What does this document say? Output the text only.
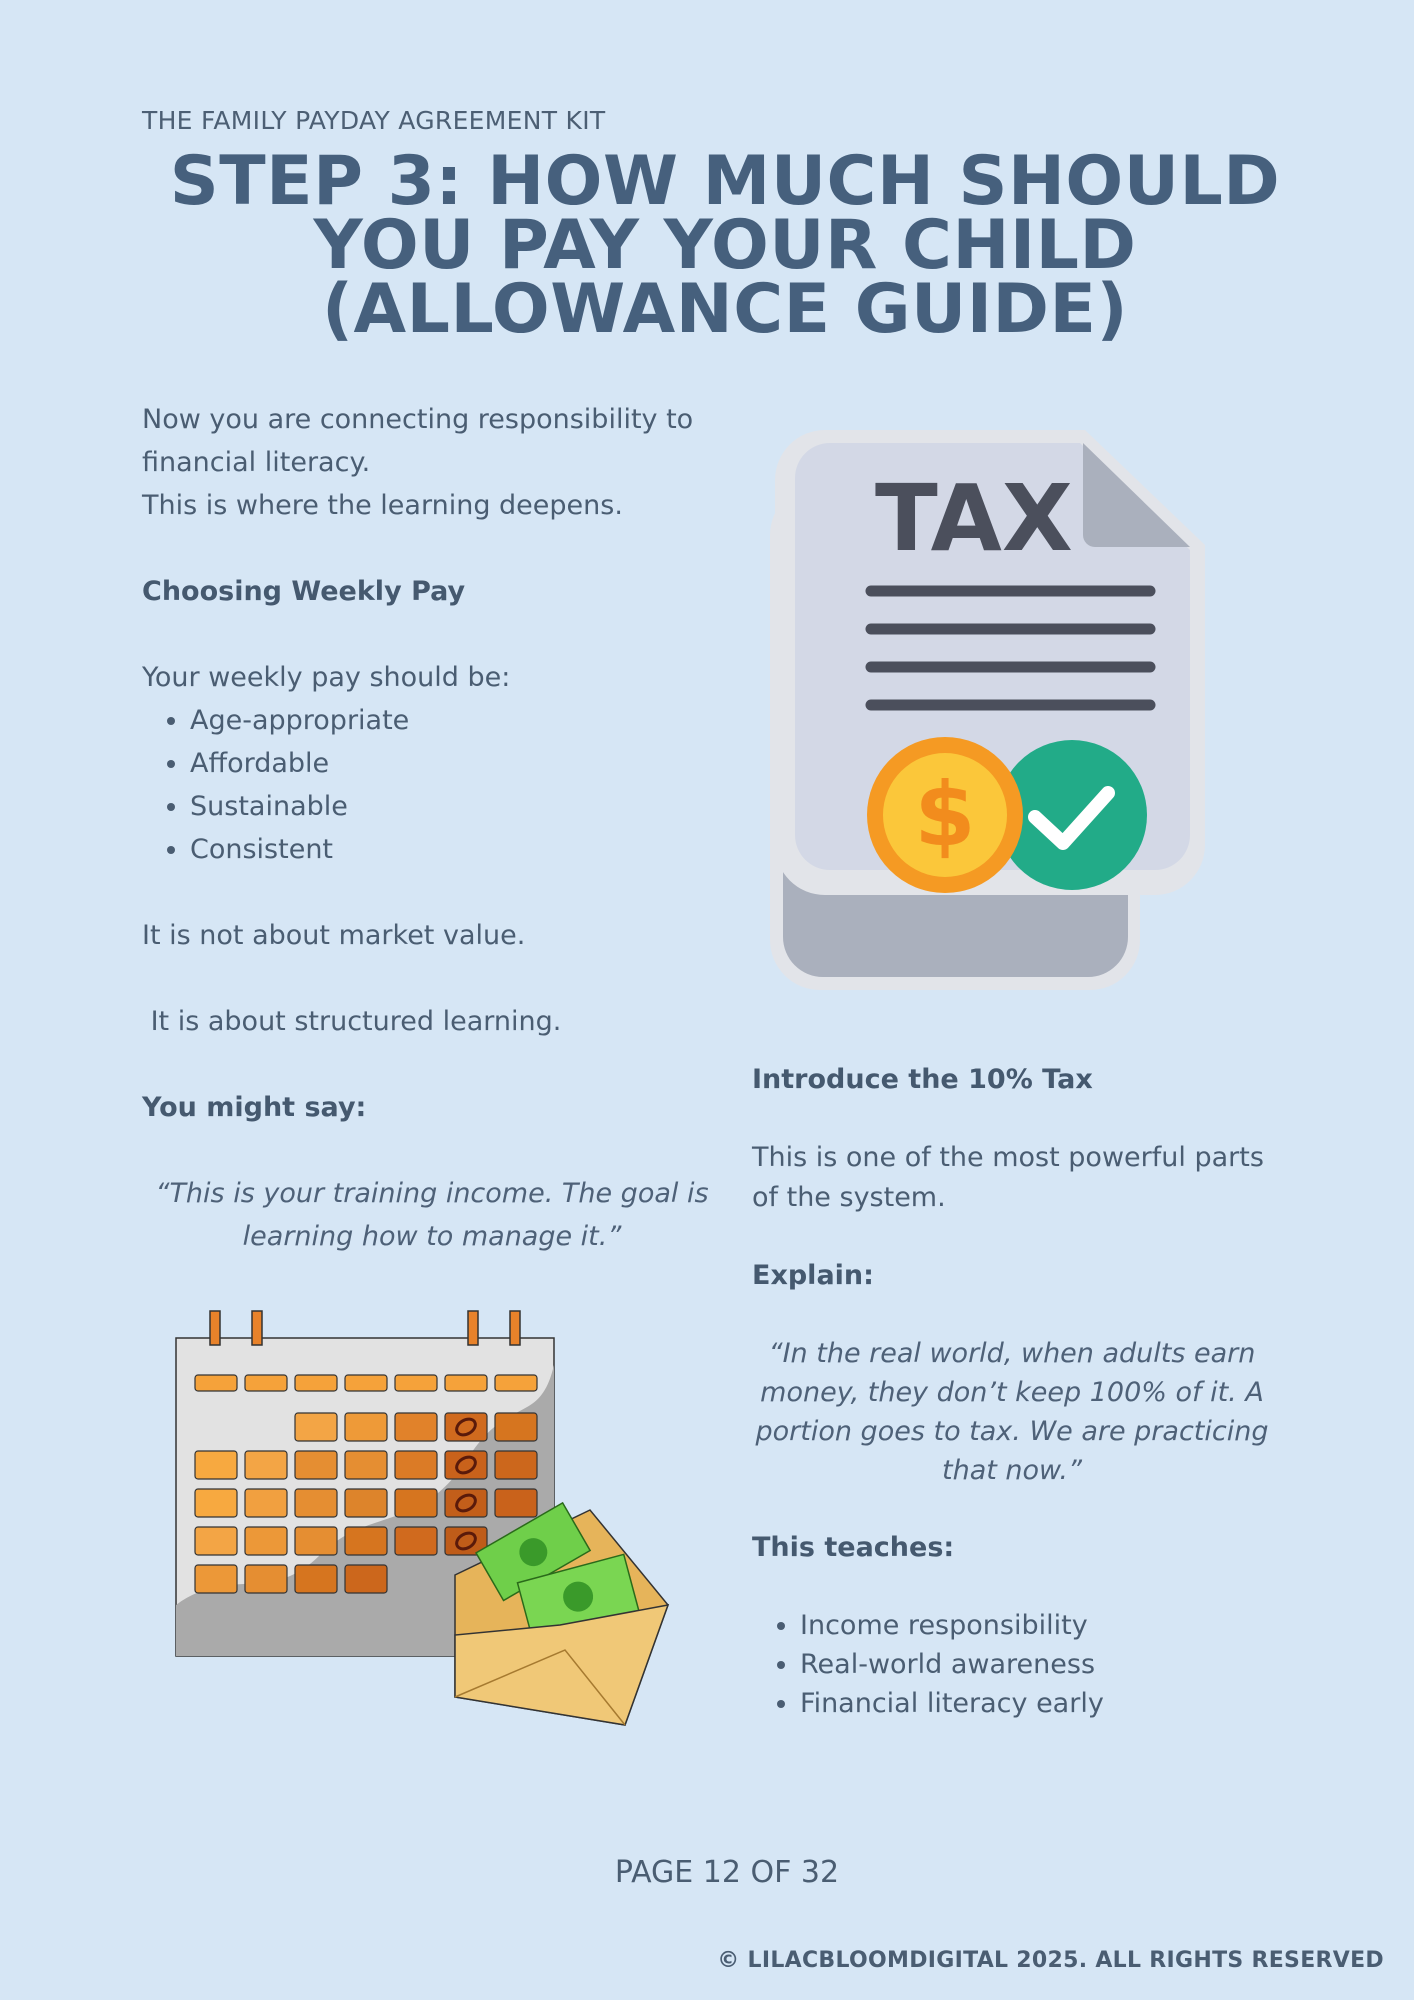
THE FAMILY PAYDAY AGREEMENT KIT
STEP 3: HOW MUCH SHOULD
YOU PAY YOUR CHILD
(ALLOWANCE GUIDE)

Now you are connecting responsibility to

financial literacy.

This is where the learning deepens.

Choosing Weekly Pay

Your weekly pay should be:

• Age-appropriate
• Affordable
• Sustainable
• Consistent

It is not about market value.

It is about structured learning.

You might say:

“This is your training income. The goal is
learning how to manage it.”
TAX
$

Introduce the 10% Tax

This is one of the most powerful parts

of the system.

Explain:

“In the real world, when adults earn
money, they don’t keep 100% of it. A
portion goes to tax. We are practicing
that now.”

This teaches:

• Income responsibility
• Real-world awareness
• Financial literacy early
PAGE 12 OF 32
© LILACBLOOMDIGITAL 2025. ALL RIGHTS RESERVED
